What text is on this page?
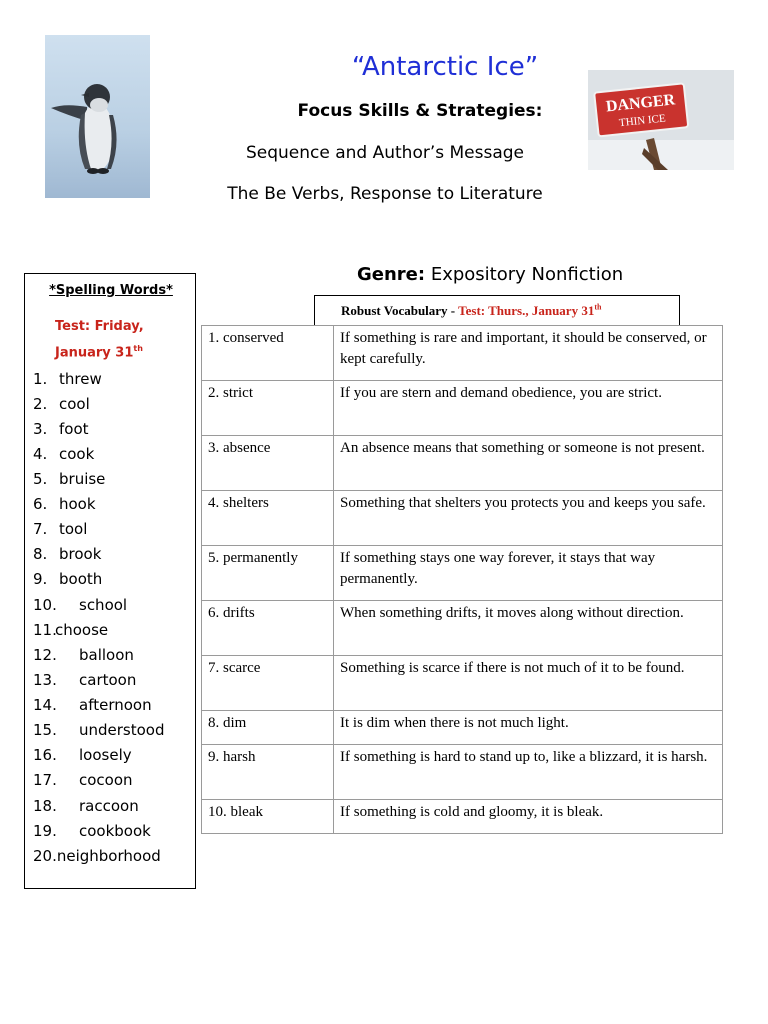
DANGER
THIN ICE
“Antarctic Ice”
Focus Skills & Strategies:
Sequence and Author’s Message
The Be Verbs, Response to Literature
Genre: Expository Nonfiction
*Spelling Words*
Test: Friday,
January 31th
1. threw
2. cool
3. foot
4. cook
5. bruise
6. hook
7. tool
8. brook
9. booth
10. school
11.choose
12. balloon
13. cartoon
14. afternoon
15. understood
16. loosely
17. cocoon
18. raccoon
19. cookbook
20.neighborhood
Robust Vocabulary - Test: Thurs., January 31th
1. conserved	If something is rare and important, it should be conserved, or kept carefully.
2. strict	If you are stern and demand obedience, you are strict.
3. absence	An absence means that something or someone is not present.
4. shelters	Something that shelters you protects you and keeps you safe.
5. permanently	If something stays one way forever, it stays that way permanently.
6. drifts	When something drifts, it moves along without direction.
7. scarce	Something is scarce if there is not much of it to be found.
8. dim	It is dim when there is not much light.
9. harsh	If something is hard to stand up to, like a blizzard, it is harsh.
10. bleak	If something is cold and gloomy, it is bleak.
